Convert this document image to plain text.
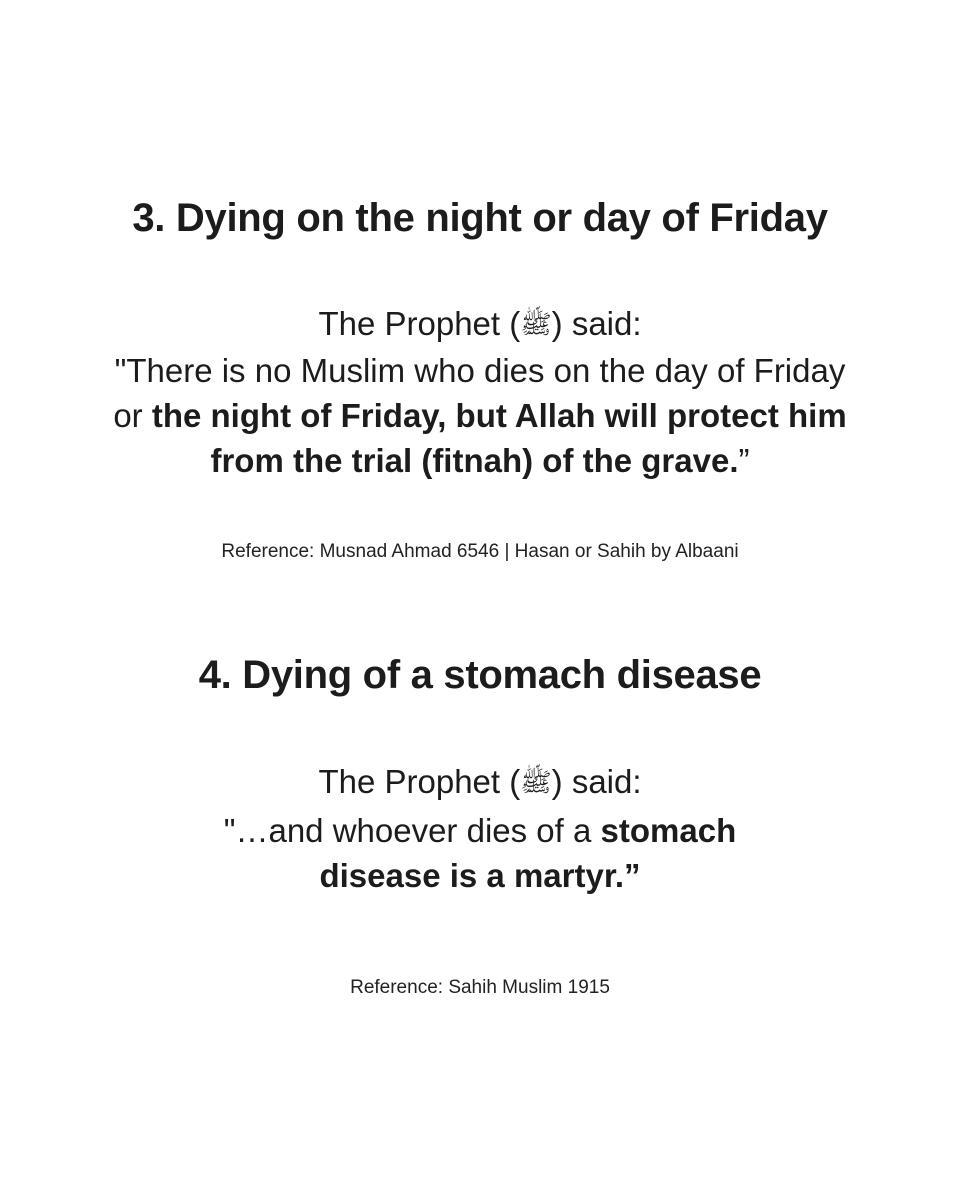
3. Dying on the night or day of Friday

The Prophet (ﷺ) said:

"There is no Muslim who dies on the day of Friday
or the night of Friday, but Allah will protect him
from the trial (fitnah) of the grave.”

Reference: Musnad Ahmad 6546 | Hasan or Sahih by Albaani

4. Dying of a stomach disease

The Prophet (ﷺ) said:

"…and whoever dies of a stomach
disease is a martyr.”

Reference: Sahih Muslim 1915
